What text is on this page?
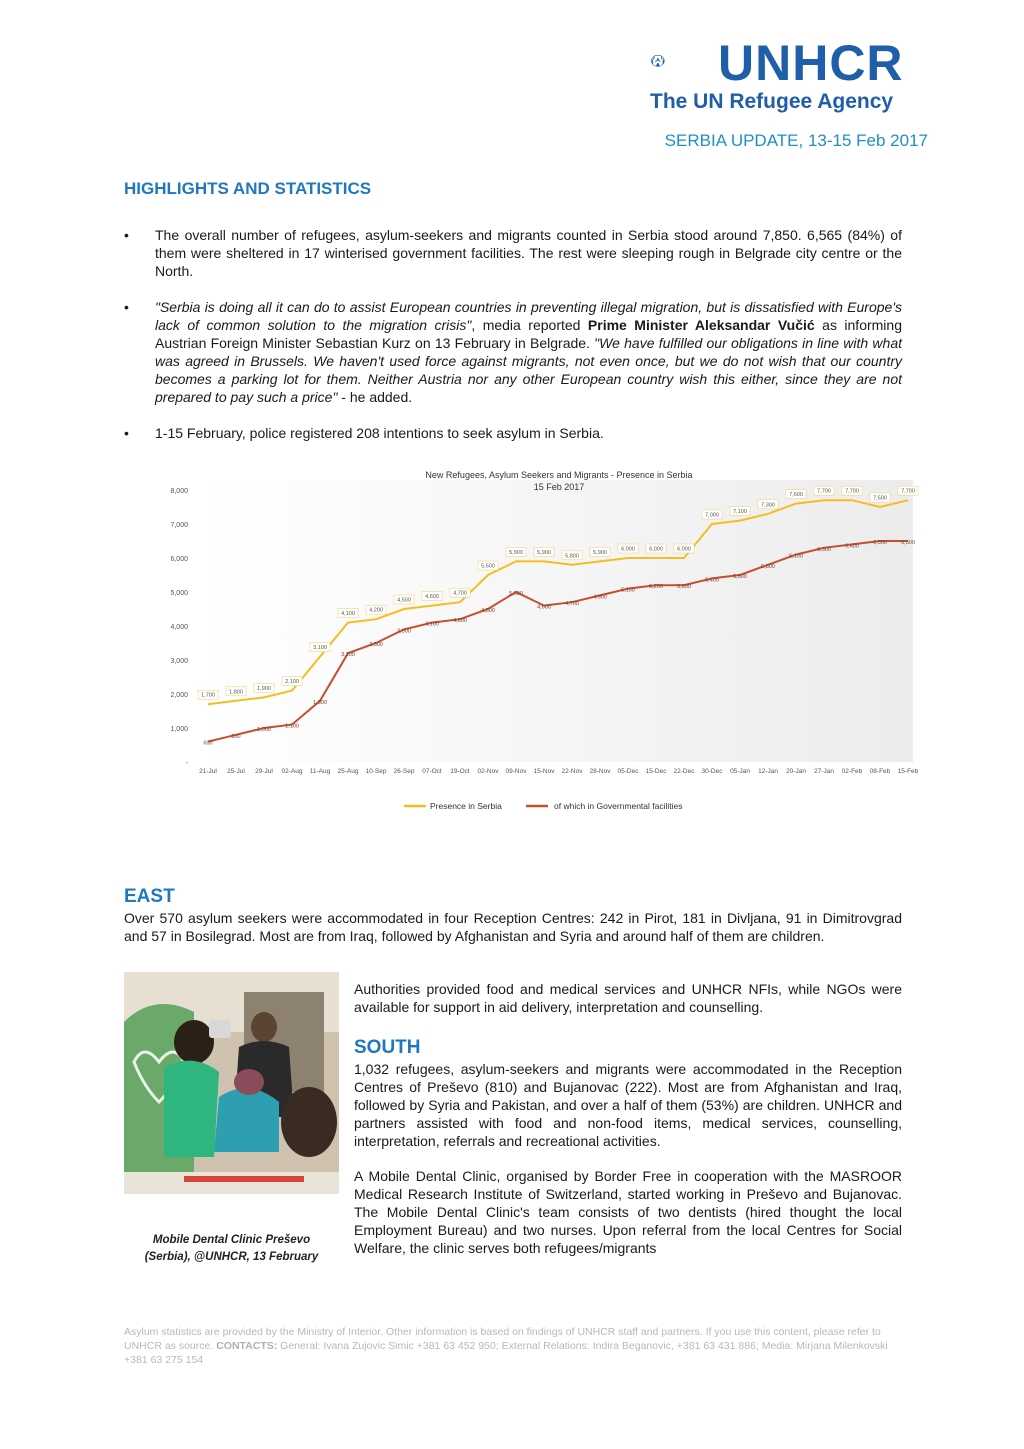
UNHCR
The UN Refugee Agency
SERBIA UPDATE, 13-15 Feb 2017
HIGHLIGHTS AND STATISTICS
• The overall number of refugees, asylum-seekers and migrants counted in Serbia stood around 7,850. 6,565 (84%) of them were sheltered in 17 winterised government facilities. The rest were sleeping rough in Belgrade city centre or the North.
• "Serbia is doing all it can do to assist European countries in preventing illegal migration, but is dissatisfied with Europe's lack of common solution to the migration crisis", media reported Prime Minister Aleksandar Vučić as informing Austrian Foreign Minister Sebastian Kurz on 13 February in Belgrade. "We have fulfilled our obligations in line with what was agreed in Brussels. We haven't used force against migrants, not even once, but we do not wish that our country becomes a parking lot for them. Neither Austria nor any other European country wish this either, since they are not prepared to pay such a price" - he added.
• 1-15 February, police registered 208 intentions to seek asylum in Serbia.
New Refugees, Asylum Seekers and Migrants - Presence in Serbia
15 Feb 2017
8,000
7,000
6,000
5,000
4,000
3,000
2,000
1,000
-
21-Jul 25-Jul 29-Jul 02-Aug 11-Aug 25-Aug 10-Sep 26-Sep 07-Oct 19-Oct 02-Nov 09-Nov 15-Nov 22-Nov 28-Nov 05-Dec 15-Dec 22-Dec 30-Dec 05-Jan 12-Jan 20-Jan 27-Jan 02-Feb 08-Feb 15-Feb
1,700
1,800
1,900
2,100
3,100
4,100
4,200
4,500
4,600
4,700
5,500
5,900	5,900
5,800
5,900
6,000	6,000	6,000
7,000
7,100
7,300
7,600
7,700	7,700
7,500
7,700
600
800
1,000
1,100
1,800
3,200
3,500
3,900
4,100
4,200
4,500
5,000
4,600
4,700
4,900
5,100
5,200	5,200
5,400
5,500
5,800
6,100
6,300
6,400
6,500	6,500
Presence in Serbia	of which in Governmental facilities
EAST

Over 570 asylum seekers were accommodated in four Reception Centres: 242 in Pirot, 181 in Divljana, 91 in Dimitrovgrad and 57 in Bosilegrad. Most are from Iraq, followed by Afghanistan and Syria and around half of them are children.

Mobile Dental Clinic Preševo
(Serbia), @UNHCR, 13 February

Authorities provided food and medical services and UNHCR NFIs, while NGOs were available for support in aid delivery, interpretation and counselling.

SOUTH

1,032 refugees, asylum-seekers and migrants were accommodated in the Reception Centres of Preševo (810) and Bujanovac (222). Most are from Afghanistan and Iraq, followed by Syria and Pakistan, and over a half of them (53%) are children. UNHCR and partners assisted with food and non-food items, medical services, counselling, interpretation, referrals and recreational activities.

A Mobile Dental Clinic, organised by Border Free in cooperation with the MASROOR Medical Research Institute of Switzerland, started working in Preševo and Bujanovac. The Mobile Dental Clinic's team consists of two dentists (hired thought the local Employment Bureau) and two nurses. Upon referral from the local Centres for Social Welfare, the clinic serves both refugees/migrants

Asylum statistics are provided by the Ministry of Interior. Other information is based on findings of UNHCR staff and partners. If you use this content, please refer to UNHCR as source. CONTACTS: General: Ivana Zujovic Simic +381 63 452 950; External Relations: Indira Beganovic, +381 63 431 886; Media: Mirjana Milenkovski +381 63 275 154
